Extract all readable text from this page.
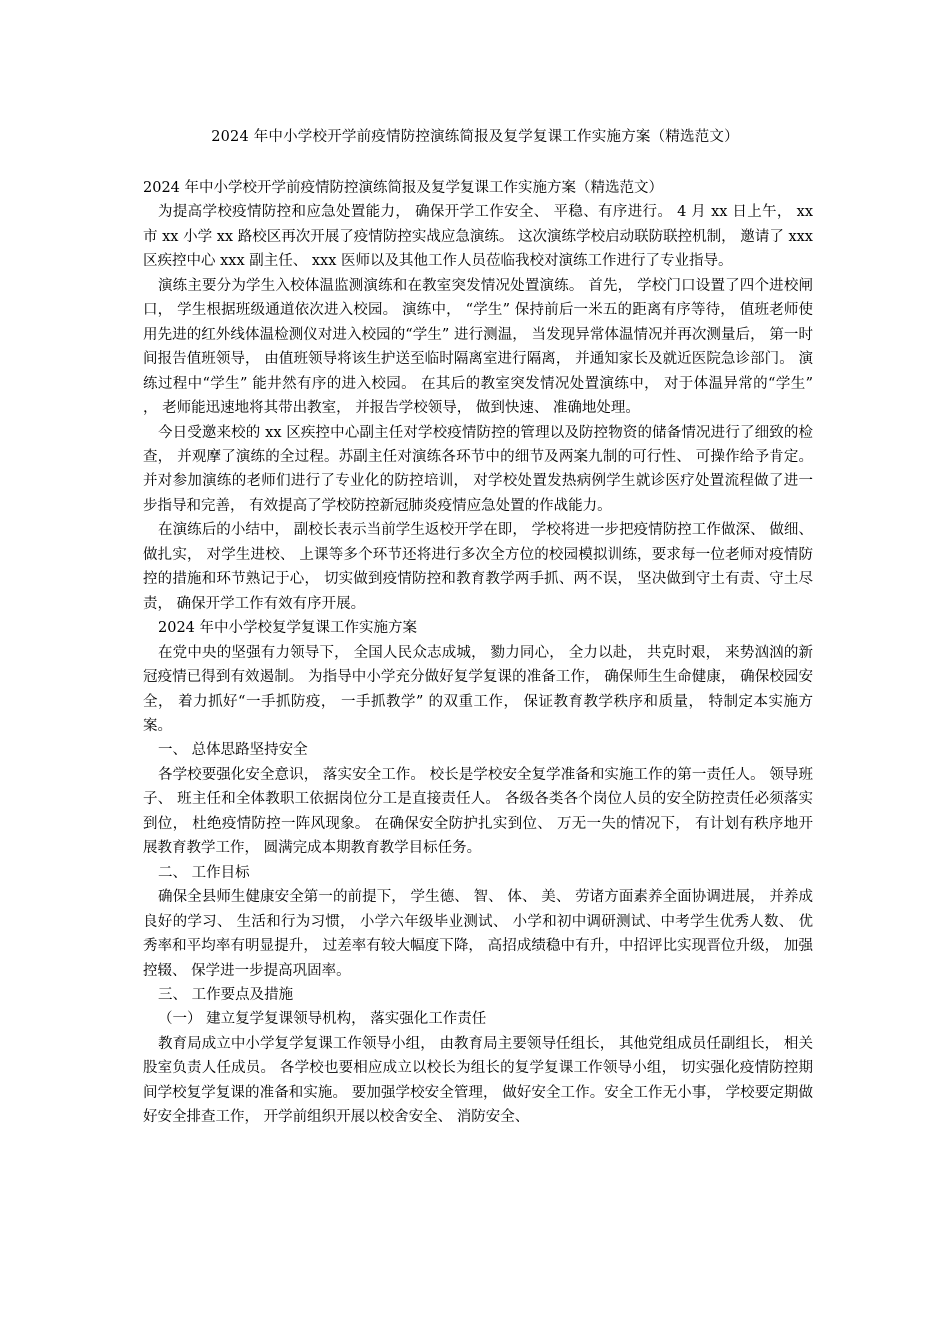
2024 年中小学校开学前疫情防控演练简报及复学复课工作实施方案（精选范文）

2024 年中小学校开学前疫情防控演练简报及复学复课工作实施方案（精选范文）

为提高学校疫情防控和应急处置能力， 确保开学工作安全、 平稳、有序进行。 4 月 xx 日上午， xx 市 xx 小学 xx 路校区再次开展了疫情防控实战应急演练。 这次演练学校启动联防联控机制， 邀请了 xxx 区疾控中心 xxx 副主任、 xxx 医师以及其他工作人员莅临我校对演练工作进行了专业指导。

演练主要分为学生入校体温监测演练和在教室突发情况处置演练。 首先， 学校门口设置了四个进校闸口， 学生根据班级通道依次进入校园。 演练中， “学生” 保持前后一米五的距离有序等待， 值班老师使用先进的红外线体温检测仪对进入校园的“学生” 进行测温， 当发现异常体温情况并再次测量后， 第一时间报告值班领导， 由值班领导将该生护送至临时隔离室进行隔离， 并通知家长及就近医院急诊部门。 演练过程中“学生” 能井然有序的进入校园。 在其后的教室突发情况处置演练中， 对于体温异常的“学生” ， 老师能迅速地将其带出教室， 并报告学校领导， 做到快速、 准确地处理。

今日受邀来校的 xx 区疾控中心副主任对学校疫情防控的管理以及防控物资的储备情况进行了细致的检查， 并观摩了演练的全过程。苏副主任对演练各环节中的细节及两案九制的可行性、 可操作给予肯定。 并对参加演练的老师们进行了专业化的防控培训， 对学校处置发热病例学生就诊医疗处置流程做了进一步指导和完善， 有效提高了学校防控新冠肺炎疫情应急处置的作战能力。

在演练后的小结中， 副校长表示当前学生返校开学在即， 学校将进一步把疫情防控工作做深、 做细、 做扎实， 对学生进校、 上课等多个环节还将进行多次全方位的校园模拟训练，要求每一位老师对疫情防控的措施和环节熟记于心， 切实做到疫情防控和教育教学两手抓、两不误， 坚决做到守土有责、守土尽责， 确保开学工作有效有序开展。

2024 年中小学校复学复课工作实施方案

在党中央的坚强有力领导下， 全国人民众志成城， 勠力同心， 全力以赴， 共克时艰， 来势汹汹的新冠疫情已得到有效遏制。 为指导中小学充分做好复学复课的准备工作， 确保师生生命健康， 确保校园安全， 着力抓好“一手抓防疫， 一手抓教学” 的双重工作， 保证教育教学秩序和质量， 特制定本实施方案。

一、 总体思路坚持安全

各学校要强化安全意识， 落实安全工作。 校长是学校安全复学准备和实施工作的第一责任人。 领导班子、 班主任和全体教职工依据岗位分工是直接责任人。 各级各类各个岗位人员的安全防控责任必须落实到位， 杜绝疫情防控一阵风现象。 在确保安全防护扎实到位、 万无一失的情况下， 有计划有秩序地开展教育教学工作， 圆满完成本期教育教学目标任务。

二、 工作目标

确保全县师生健康安全第一的前提下， 学生德、 智、 体、 美、 劳诸方面素养全面协调进展， 并养成良好的学习、 生活和行为习惯， 小学六年级毕业测试、 小学和初中调研测试、中考学生优秀人数、 优秀率和平均率有明显提升， 过差率有较大幅度下降， 高招成绩稳中有升，中招评比实现晋位升级， 加强控辍、 保学进一步提高巩固率。

三、 工作要点及措施

（一） 建立复学复课领导机构， 落实强化工作责任

教育局成立中小学复学复课工作领导小组， 由教育局主要领导任组长， 其他党组成员任副组长， 相关股室负责人任成员。 各学校也要相应成立以校长为组长的复学复课工作领导小组， 切实强化疫情防控期间学校复学复课的准备和实施。 要加强学校安全管理， 做好安全工作。安全工作无小事， 学校要定期做好安全排查工作， 开学前组织开展以校舍安全、 消防安全、
